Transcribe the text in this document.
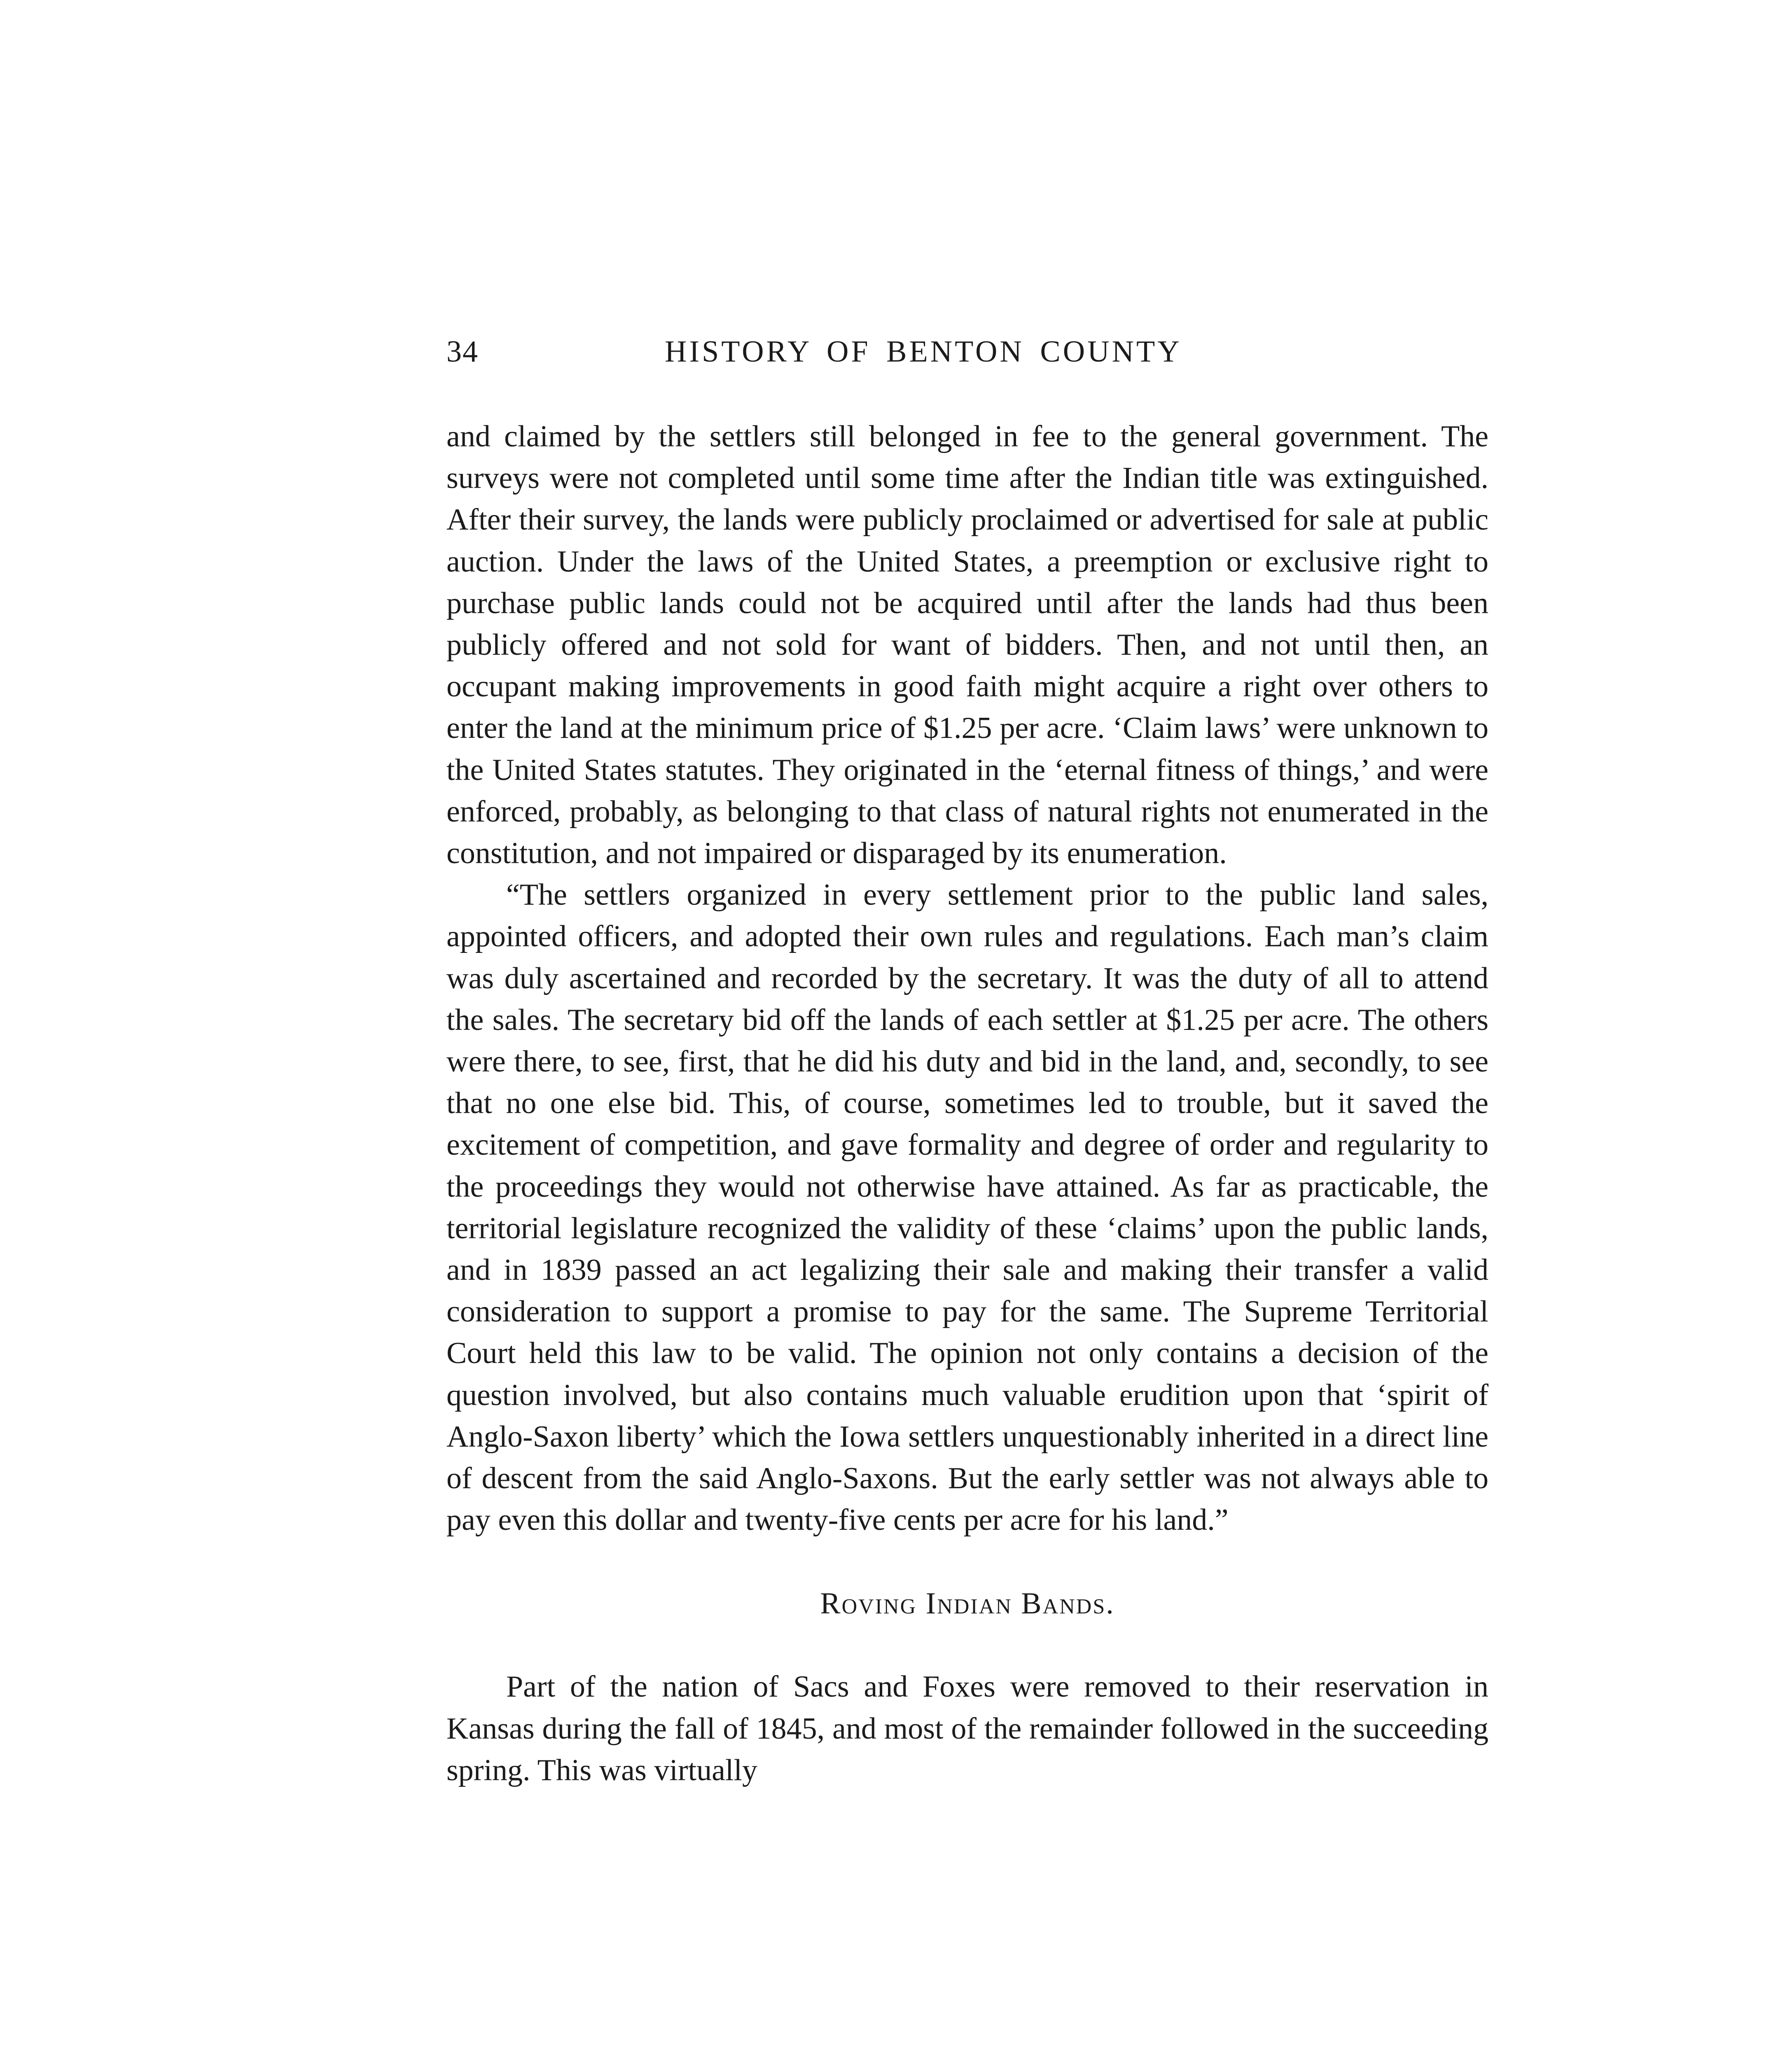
34	HISTORY OF BENTON COUNTY

and claimed by the settlers still belonged in fee to the general government. The surveys were not completed until some time after the Indian title was extinguished. After their survey, the lands were publicly proclaimed or advertised for sale at public auction. Under the laws of the United States, a preemption or exclusive right to purchase public lands could not be acquired until after the lands had thus been publicly offered and not sold for want of bidders. Then, and not until then, an occupant making improvements in good faith might acquire a right over others to enter the land at the minimum price of $1.25 per acre. ‘Claim laws’ were unknown to the United States statutes. They originated in the ‘eternal fitness of things,’ and were enforced, probably, as belonging to that class of natural rights not enumerated in the constitution, and not impaired or disparaged by its enumeration.

“The settlers organized in every settlement prior to the public land sales, appointed officers, and adopted their own rules and regulations. Each man’s claim was duly ascertained and recorded by the secretary. It was the duty of all to attend the sales. The secretary bid off the lands of each settler at $1.25 per acre. The others were there, to see, first, that he did his duty and bid in the land, and, secondly, to see that no one else bid. This, of course, sometimes led to trouble, but it saved the excitement of competition, and gave formality and degree of order and regularity to the proceedings they would not otherwise have attained. As far as practicable, the territorial legislature recognized the validity of these ‘claims’ upon the public lands, and in 1839 passed an act legalizing their sale and making their transfer a valid consideration to support a promise to pay for the same. The Supreme Territorial Court held this law to be valid. The opinion not only contains a decision of the question involved, but also contains much valuable erudition upon that ‘spirit of Anglo-Saxon liberty’ which the Iowa settlers unquestionably inherited in a direct line of descent from the said Anglo-Saxons. But the early settler was not always able to pay even this dollar and twenty-five cents per acre for his land.”

Roving Indian Bands.

Part of the nation of Sacs and Foxes were removed to their reservation in Kansas during the fall of 1845, and most of the remainder followed in the succeeding spring. This was virtually
